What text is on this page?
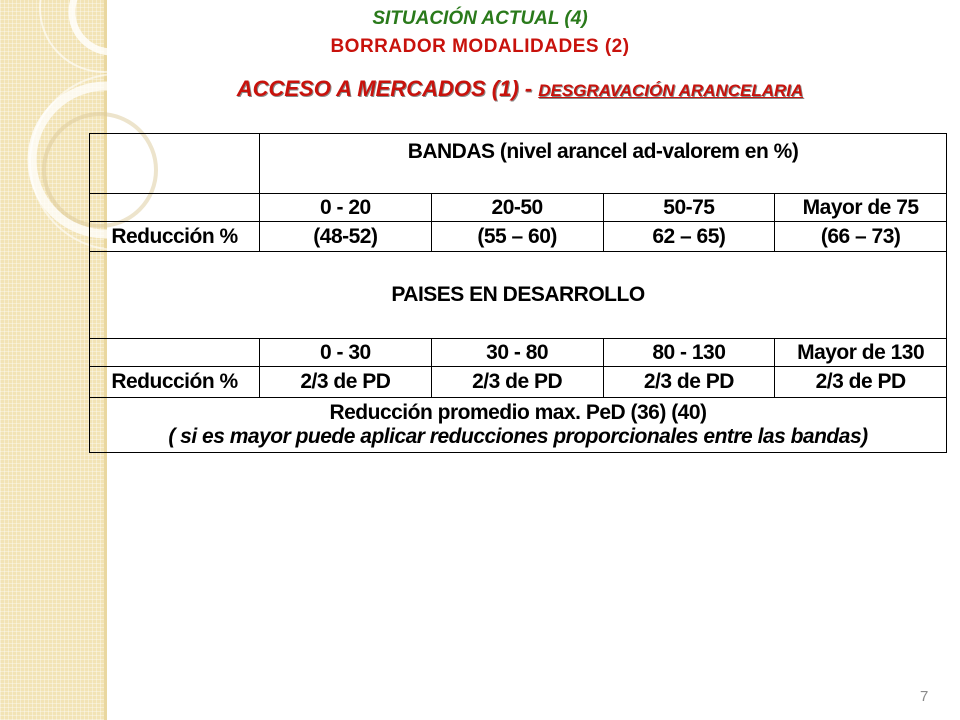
SITUACIÓN ACTUAL (4)

BORRADOR MODALIDADES (2)

ACCESO A MERCADOS (1) - DESGRAVACIÓN ARANCELARIA

	BANDAS (nivel arancel ad-valorem en %)			
	0 - 20	20-50	50-75	Mayor de 75
Reducción %	(48-52)	(55 – 60)	62 – 65)	(66 – 73)
PAISES EN DESARROLLO				
	0 - 30	30 - 80	80 - 130	Mayor de 130
Reducción %	2/3 de PD	2/3 de PD	2/3 de PD	2/3 de PD

Reducción promedio max. PeD (36) (40)
( si es mayor puede aplicar reducciones proporcionales entre las bandas)				
7
